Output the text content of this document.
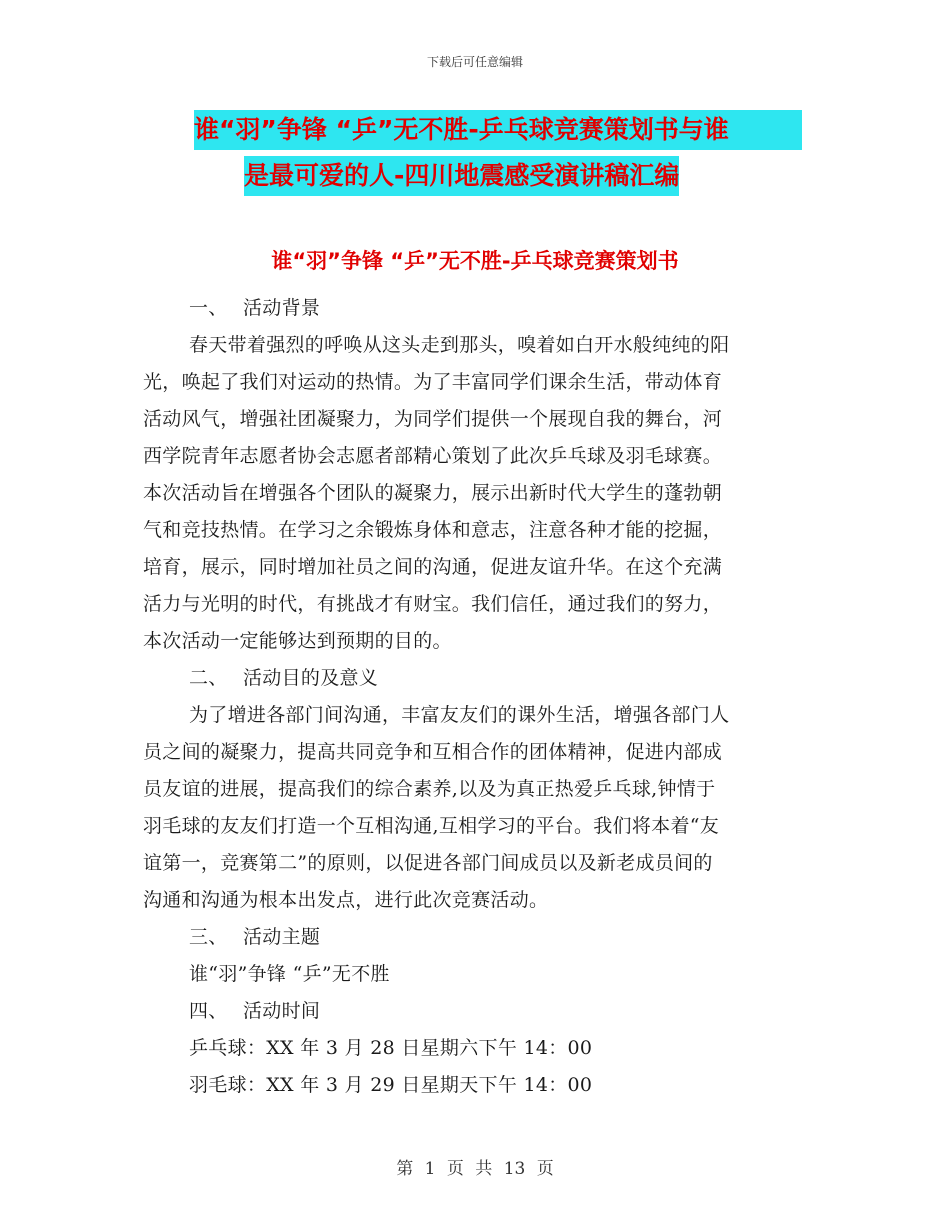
下载后可任意编辑
谁“羽”争锋 “乒”无不胜-乒乓球竞赛策划书与谁
是最可爱的人-四川地震感受演讲稿汇编
谁“羽”争锋 “乒”无不胜-乒乓球竞赛策划书
一、 活动背景
春天带着强烈的呼唤从这头走到那头，嗅着如白开水般纯纯的阳
光，唤起了我们对运动的热情。为了丰富同学们课余生活，带动体育
活动风气，增强社团凝聚力，为同学们提供一个展现自我的舞台，河
西学院青年志愿者协会志愿者部精心策划了此次乒乓球及羽毛球赛。
本次活动旨在增强各个团队的凝聚力，展示出新时代大学生的蓬勃朝
气和竞技热情。在学习之余锻炼身体和意志，注意各种才能的挖掘，
培育，展示，同时增加社员之间的沟通，促进友谊升华。在这个充满
活力与光明的时代，有挑战才有财宝。我们信任，通过我们的努力，
本次活动一定能够达到预期的目的。
二、 活动目的及意义
为了增进各部门间沟通，丰富友友们的课外生活，增强各部门人
员之间的凝聚力，提高共同竞争和互相合作的团体精神，促进内部成
员友谊的进展，提高我们的综合素养,以及为真正热爱乒乓球,钟情于
羽毛球的友友们打造一个互相沟通,互相学习的平台。我们将本着“友
谊第一，竞赛第二”的原则，以促进各部门间成员以及新老成员间的
沟通和沟通为根本出发点，进行此次竞赛活动。
三、 活动主题
谁“羽”争锋 “乒”无不胜
四、 活动时间
乒乓球：XX 年 3 月 28 日星期六下午 14：00
羽毛球：XX 年 3 月 29 日星期天下午 14：00
第 1 页 共 13 页
